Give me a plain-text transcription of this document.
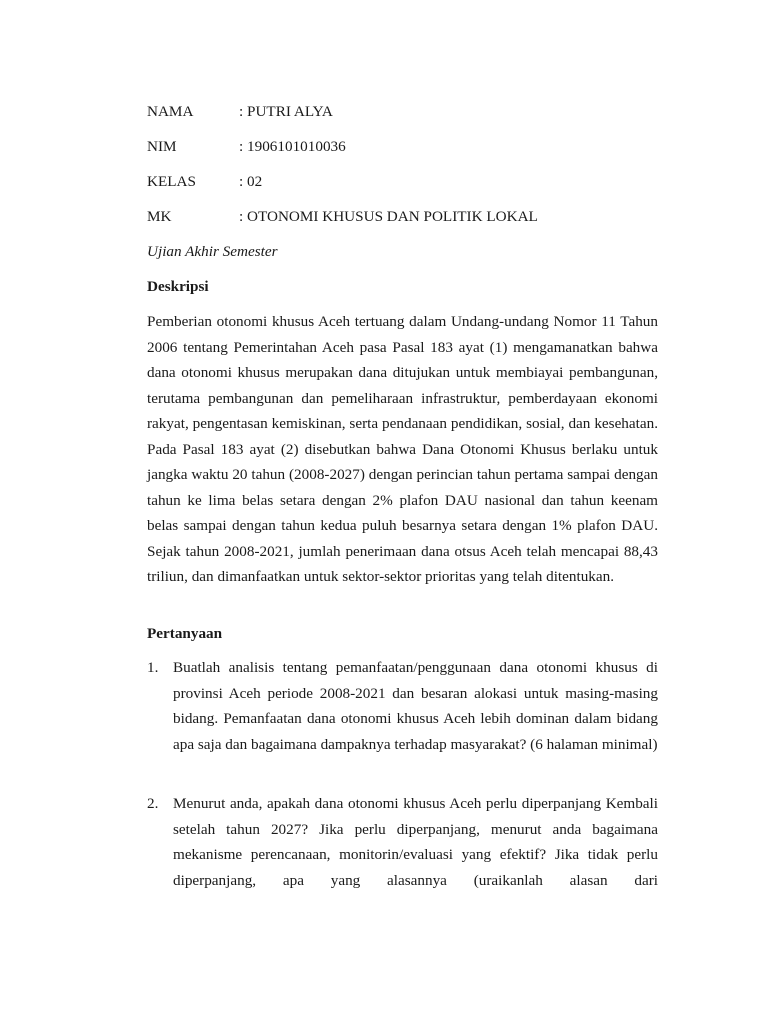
NAMA	: PUTRI ALYA
NIM	: 1906101010036
KELAS	: 02
MK	: OTONOMI KHUSUS DAN POLITIK LOKAL
Ujian Akhir Semester
Deskripsi

Pemberian otonomi khusus Aceh tertuang dalam Undang-undang Nomor 11 Tahun 2006 tentang Pemerintahan Aceh pasa Pasal 183 ayat (1) mengamanatkan bahwa dana otonomi khusus merupakan dana ditujukan untuk membiayai pembangunan, terutama pembangunan dan pemeliharaan infrastruktur, pemberdayaan ekonomi rakyat, pengentasan kemiskinan, serta pendanaan pendidikan, sosial, dan kesehatan. Pada Pasal 183 ayat (2) disebutkan bahwa Dana Otonomi Khusus berlaku untuk jangka waktu 20 tahun (2008-2027) dengan perincian tahun pertama sampai dengan tahun ke lima belas setara dengan 2% plafon DAU nasional dan tahun keenam belas sampai dengan tahun kedua puluh besarnya setara dengan 1% plafon DAU. Sejak tahun 2008-2021, jumlah penerimaan dana otsus Aceh telah mencapai 88,43 triliun, dan dimanfaatkan untuk sektor-sektor prioritas yang telah ditentukan.

Pertanyaan
1. Buatlah analisis tentang pemanfaatan/penggunaan dana otonomi khusus di provinsi Aceh periode 2008-2021 dan besaran alokasi untuk masing-masing bidang. Pemanfaatan dana otonomi khusus Aceh lebih dominan dalam bidang apa saja dan bagaimana dampaknya terhadap masyarakat? (6 halaman minimal)
2. Menurut anda, apakah dana otonomi khusus Aceh perlu diperpanjang Kembali setelah tahun 2027? Jika perlu diperpanjang, menurut anda bagaimana mekanisme perencanaan, monitorin/evaluasi yang efektif? Jika tidak perlu diperpanjang, apa yang alasannya (uraikanlah alasan dari
